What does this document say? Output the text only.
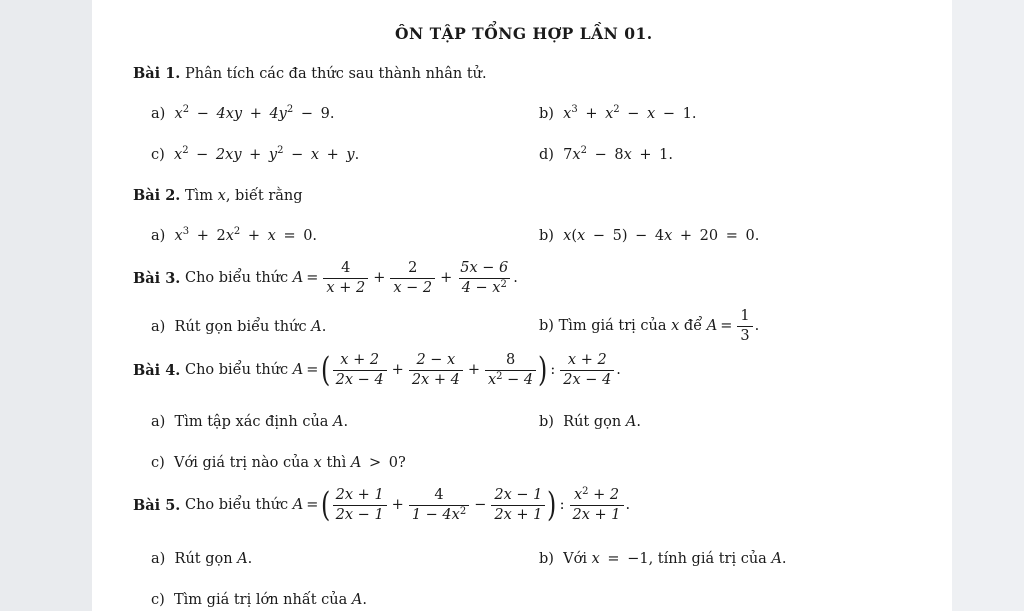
ÔN TẬP TỔNG HỢP LẦN 01.
Bài 1. Phân tích các đa thức sau thành nhân tử.
a) $x^2 - 4xy + 4y^2 - 9$.	b) $x^3 + x^2 - x - 1$.
c) $x^2 - 2xy + y^2 - x + y$.	d) $7x^2 - 8x + 1$.
Bài 2. Tìm x, biết rằng
a) $x^3 + 2x^2 + x = 0$.	b) x(x − 5) − 4x + 20 = 0.
Bài 3.
Cho biểu thức
$A = \frac{4}{x + 2} + \frac{2}{x - 2} + \frac{5x - 6}{4 - x^2}$ .
a) Rút gọn biểu thức A.	b)
Tìm giá trị của
x
để
$A = \frac{1}{3}$ .
Bài 4.
Cho biểu thức
A = ( $\frac{x + 2}{2x - 4} + \frac{2 - x}{2x + 4} + \frac{8}{x^2 - 4}$ ) : $\frac{x + 2}{2x - 4}$ .
a) Tìm tập xác định của A.	b) Rút gọn A.
c) Với giá trị nào của x thì A > 0?
Bài 5.
Cho biểu thức
A = ( $\frac{2x + 1}{2x - 1} + \frac{4}{1 - 4x^2} - \frac{2x - 1}{2x + 1}$ ) : $\frac{x^2 + 2}{2x + 1}$ .
a) Rút gọn A.	b) Với x = −1, tính giá trị của A.
c) Tìm giá trị lớn nhất của A.
